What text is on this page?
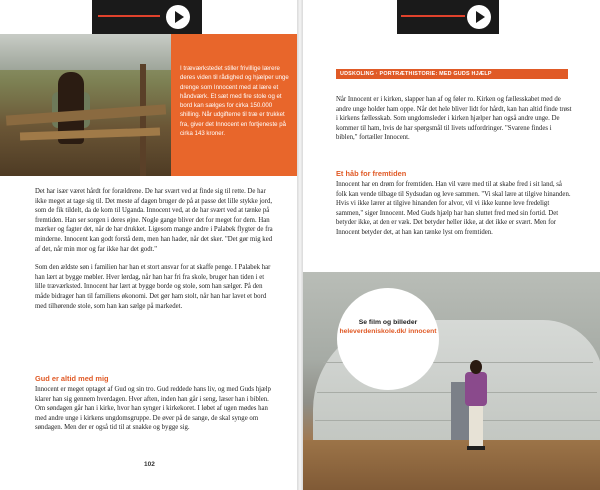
I træværkstedet stiller frivillige lærere deres viden til rådighed og hjælper unge drenge som Innocent med at lære et håndværk. Et sæt med fire stole og et bord kan sælges for cirka 150.000 shilling. Når udgifterne til træ er trukket fra, giver det Innocent en fortjeneste på cirka 143 kroner.

Det har især været hårdt for forældrene. De har svært ved at finde sig til rette. De har ikke meget at tage sig til. Det meste af dagen bruger de på at passe det lille stykke jord, som de fik tildelt, da de kom til Uganda. Innocent ved, at de har svært ved at tænke på fremtiden. Han ser sorgen i deres øjne. Nogle gange bliver det for meget for dem. Han mærker og fagter det, når de har drukket. Ligesom mange andre i Palabek flygter de fra minderne. Innocent kan godt forstå dem, men han hader, når det sker. "Det gør mig ked af det, når min mor og far ikke har det godt."

Som den ældste søn i familien har han et stort ansvar for at skaffe penge. I Palabek har han lært at bygge møbler. Hver lørdag, når han har fri fra skole, bruger han tiden i et lille træværksted. Innocent har lært at bygge borde og stole, som han sælger. På den måde bidrager han til familiens økonomi. Det gør ham stolt, når han har lavet et bord med tilhørende stole, som han kan sælge på markedet.

Gud er altid med mig

Innocent er meget optaget af Gud og sin tro. Gud reddede hans liv, og med Guds hjælp klarer han sig gennem hverdagen. Hver aften, inden han går i seng, læser han i biblen. Om søndagen går han i kirke, hvor han synger i kirkekoret. I løbet af ugen mødes han med andre unge i kirkens ungdomsgruppe. De øver på de sange, de skal synge om søndagen. Men der er også tid til at snakke og bygge sig.

102
UDSKOLING · PORTRÆTHISTORIE: MED GUDS HJÆLP

Når Innocent er i kirken, slapper han af og føler ro. Kirken og fællesskabet med de andre unge holder ham oppe. Når det hele bliver lidt for hårdt, kan han altid finde trøst i kirkens fællesskab. Som ungdomsleder i kirken hjælper han også andre unge. De kommer til ham, hvis de har spørgsmål til livets udfordringer. "Svarene findes i biblen," fortæller Innocent.

Et håb for fremtiden

Innocent har en drøm for fremtiden. Han vil være med til at skabe fred i sit land, så folk kan vende tilbage til Sydsudan og leve sammen. "Vi skal lære at tilgive hinanden. Hvis vi ikke lærer at tilgive hinanden for alvor, vil vi ikke kunne leve fredeligt sammen," siger Innocent. Med Guds hjælp har han sluttet fred med sin fortid. Det betyder ikke, at den er væk. Det betyder heller ikke, at det ikke er svært. Men for Innocent betyder det, at han kan tænke lyst om fremtiden.

Se film og billeder
heleverdeniskole.dk/ innocent
